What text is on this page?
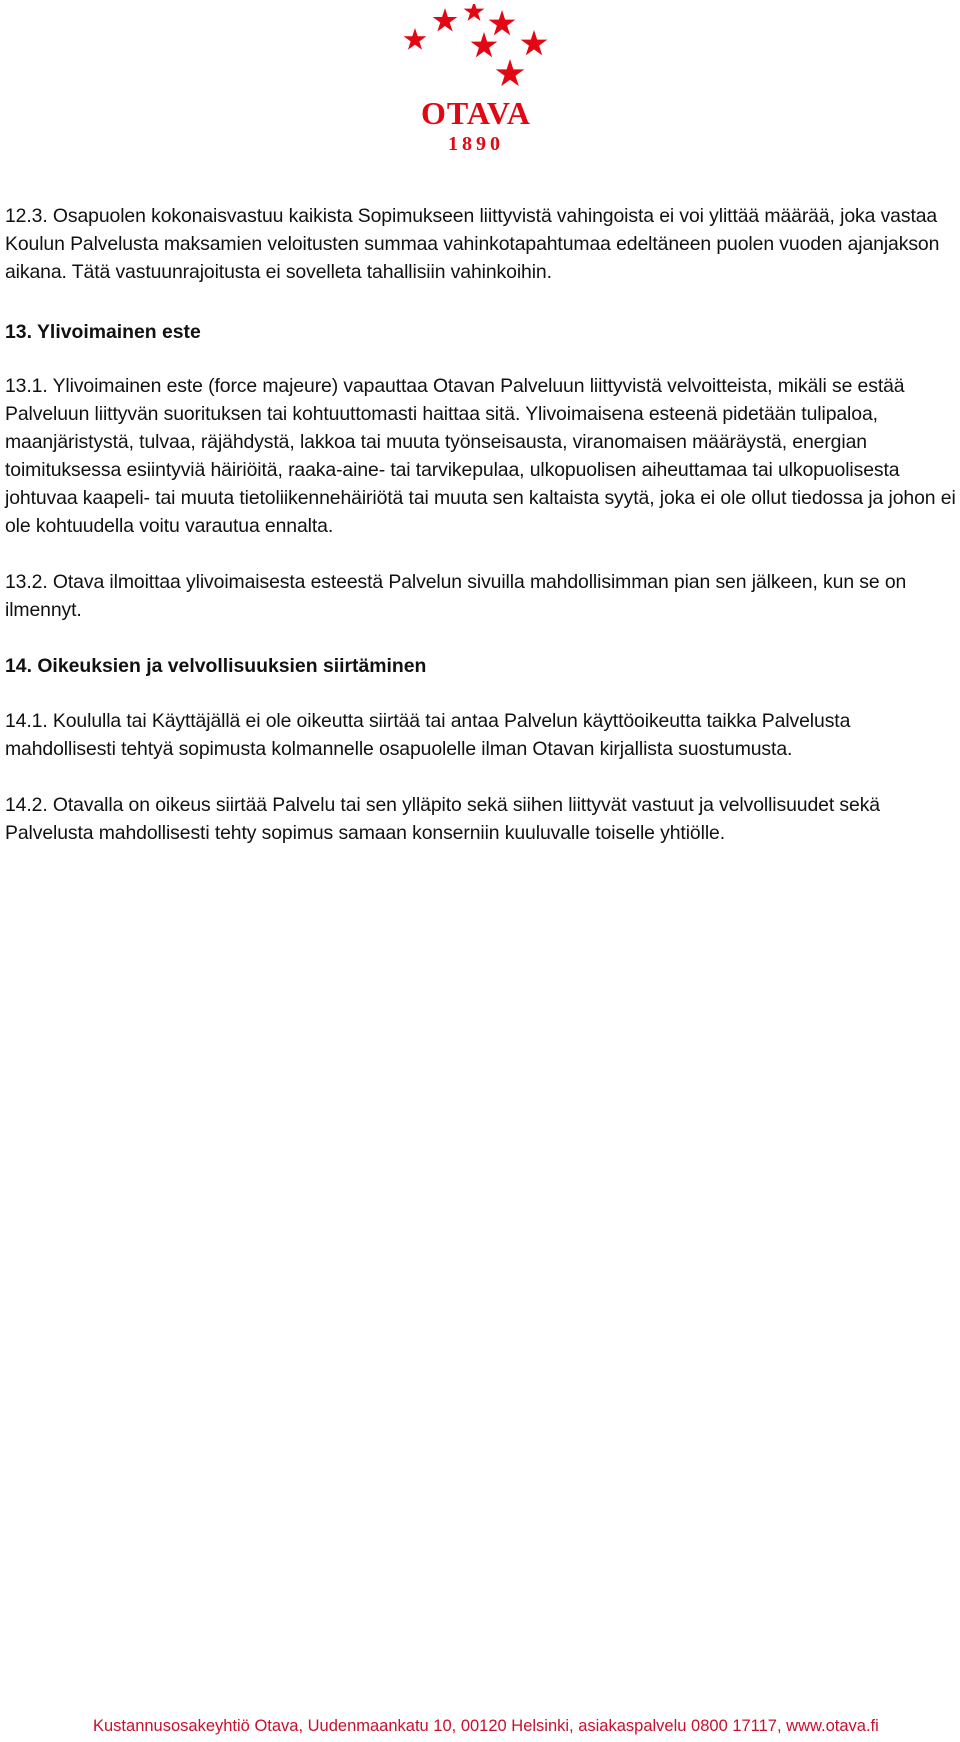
OTAVA
1890

12.3. Osapuolen kokonaisvastuu kaikista Sopimukseen liittyvistä vahingoista ei voi ylittää määrää, joka vastaa Koulun Palvelusta maksamien veloitusten summaa vahinkotapahtumaa edeltäneen puolen vuoden ajanjakson aikana. Tätä vastuunrajoitusta ei sovelleta tahallisiin vahinkoihin.

13. Ylivoimainen este

13.1. Ylivoimainen este (force majeure) vapauttaa Otavan Palveluun liittyvistä velvoitteista, mikäli se estää Palveluun liittyvän suorituksen tai kohtuuttomasti haittaa sitä. Ylivoimaisena esteenä pidetään tulipaloa, maanjäristystä, tulvaa, räjähdystä, lakkoa tai muuta työnseisausta, viranomaisen määräystä, energian toimituksessa esiintyviä häiriöitä, raaka-aine- tai tarvikepulaa, ulkopuolisen aiheuttamaa tai ulkopuolisesta johtuvaa kaapeli- tai muuta tietoliikennehäiriötä tai muuta sen kaltaista syytä, joka ei ole ollut tiedossa ja johon ei ole kohtuudella voitu varautua ennalta.

13.2. Otava ilmoittaa ylivoimaisesta esteestä Palvelun sivuilla mahdollisimman pian sen jälkeen, kun se on ilmennyt.

14. Oikeuksien ja velvollisuuksien siirtäminen

14.1. Koululla tai Käyttäjällä ei ole oikeutta siirtää tai antaa Palvelun käyttöoikeutta taikka Palvelusta mahdollisesti tehtyä sopimusta kolmannelle osapuolelle ilman Otavan kirjallista suostumusta.

14.2. Otavalla on oikeus siirtää Palvelu tai sen ylläpito sekä siihen liittyvät vastuut ja velvollisuudet sekä Palvelusta mahdollisesti tehty sopimus samaan konserniin kuuluvalle toiselle yhtiölle.

Kustannusosakeyhtiö Otava, Uudenmaankatu 10, 00120 Helsinki, asiakaspalvelu 0800 17117, www.otava.fi
